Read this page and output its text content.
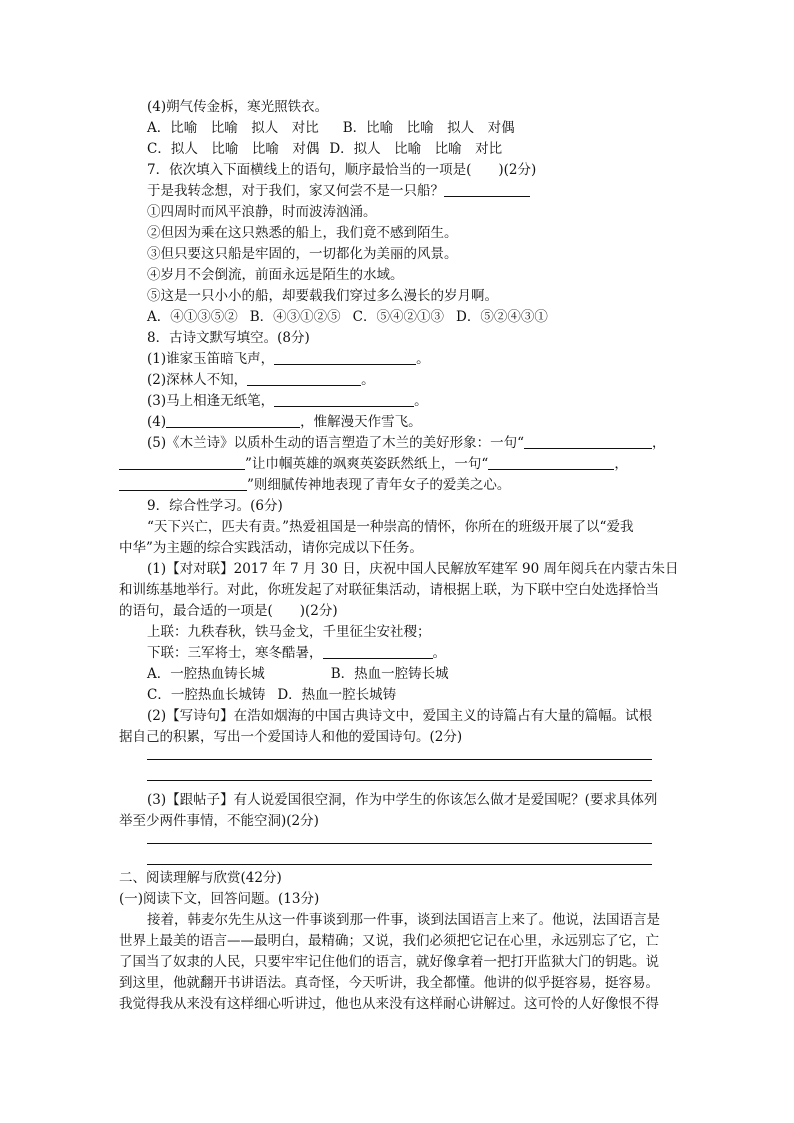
(4)朔气传金柝，寒光照铁衣。
A．比喻　比喻　拟人　对比 B．比喻　比喻　拟人　对偶
C．拟人　比喻　比喻　对偶 D．拟人　比喻　比喻　对比
7．依次填入下面横线上的语句，顺序最恰当的一项是(　　)(2分)
于是我转念想，对于我们，家又何尝不是一只船？
①四周时而风平浪静，时而波涛汹涌。
②但因为乘在这只熟悉的船上，我们竟不感到陌生。
③但只要这只船是牢固的，一切都化为美丽的风景。
④岁月不会倒流，前面永远是陌生的水域。
⑤这是一只小小的船，却要载我们穿过多么漫长的岁月啊。
A．④①③⑤② B．④③①②⑤ C．⑤④②①③ D．⑤②④③①
8．古诗文默写填空。(8分)
(1)谁家玉笛暗飞声，	。
(2)深林人不知，	。
(3)马上相逢无纸笔，	。
(4)	，惟解漫天作雪飞。
(5)《木兰诗》以质朴生动的语言塑造了木兰的美好形象：一句“	，
”让巾帼英雄的飒爽英姿跃然纸上，一句“	，
”则细腻传神地表现了青年女子的爱美之心。
9．综合性学习。(6分)
“天下兴亡，匹夫有责。”热爱祖国是一种崇高的情怀，你所在的班级开展了以“爱我
中华”为主题的综合实践活动，请你完成以下任务。
(1)【对对联】2017 年 7 月 30 日，庆祝中国人民解放军建军 90 周年阅兵在内蒙古朱日
和训练基地举行。对此，你班发起了对联征集活动，请根据上联，为下联中空白处选择恰当
的语句，最合适的一项是(　　)(2分)
上联：九秩春秋，铁马金戈，千里征尘安社稷；
下联：三军将士，寒冬酷暑，	。
A．一腔热血铸长城	B．热血一腔铸长城
C．一腔热血长城铸 D．热血一腔长城铸
(2)【写诗句】在浩如烟海的中国古典诗文中，爱国主义的诗篇占有大量的篇幅。试根
据自己的积累，写出一个爱国诗人和他的爱国诗句。(2分)
(3)【跟帖子】有人说爱国很空洞，作为中学生的你该怎么做才是爱国呢？(要求具体列
举至少两件事情，不能空洞)(2分)
二、阅读理解与欣赏(42分)
(一)阅读下文，回答问题。(13分)
接着，韩麦尔先生从这一件事谈到那一件事，谈到法国语言上来了。他说，法国语言是
世界上最美的语言——最明白，最精确；又说，我们必须把它记在心里，永远别忘了它，亡
了国当了奴隶的人民，只要牢牢记住他们的语言，就好像拿着一把打开监狱大门的钥匙。说
到这里，他就翻开书讲语法。真奇怪，今天听讲，我全都懂。他讲的似乎挺容易，挺容易。
我觉得我从来没有这样细心听讲过，他也从来没有这样耐心讲解过。这可怜的人好像恨不得
